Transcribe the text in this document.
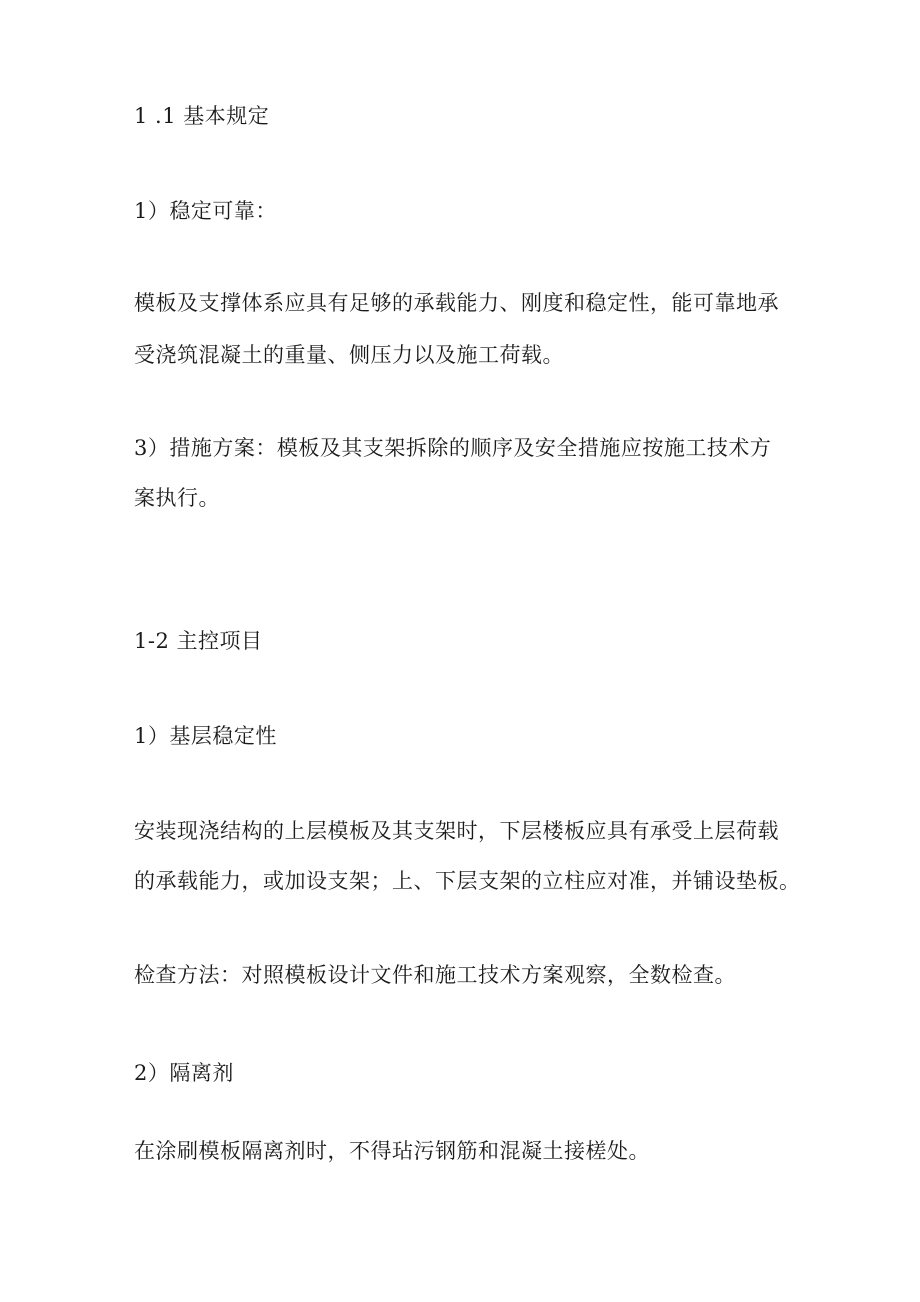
1 .1 基本规定
1）稳定可靠：
模板及支撑体系应具有足够的承载能力、刚度和稳定性，能可靠地承
受浇筑混凝土的重量、侧压力以及施工荷载。
3）措施方案：模板及其支架拆除的顺序及安全措施应按施工技术方
案执行。
1-2 主控项目
1）基层稳定性
安装现浇结构的上层模板及其支架时，下层楼板应具有承受上层荷载
的承载能力，或加设支架；上、下层支架的立柱应对准，并铺设垫板。
检查方法：对照模板设计文件和施工技术方案观察，全数检查。
2）隔离剂
在涂刷模板隔离剂时，不得玷污钢筋和混凝土接槎处。
